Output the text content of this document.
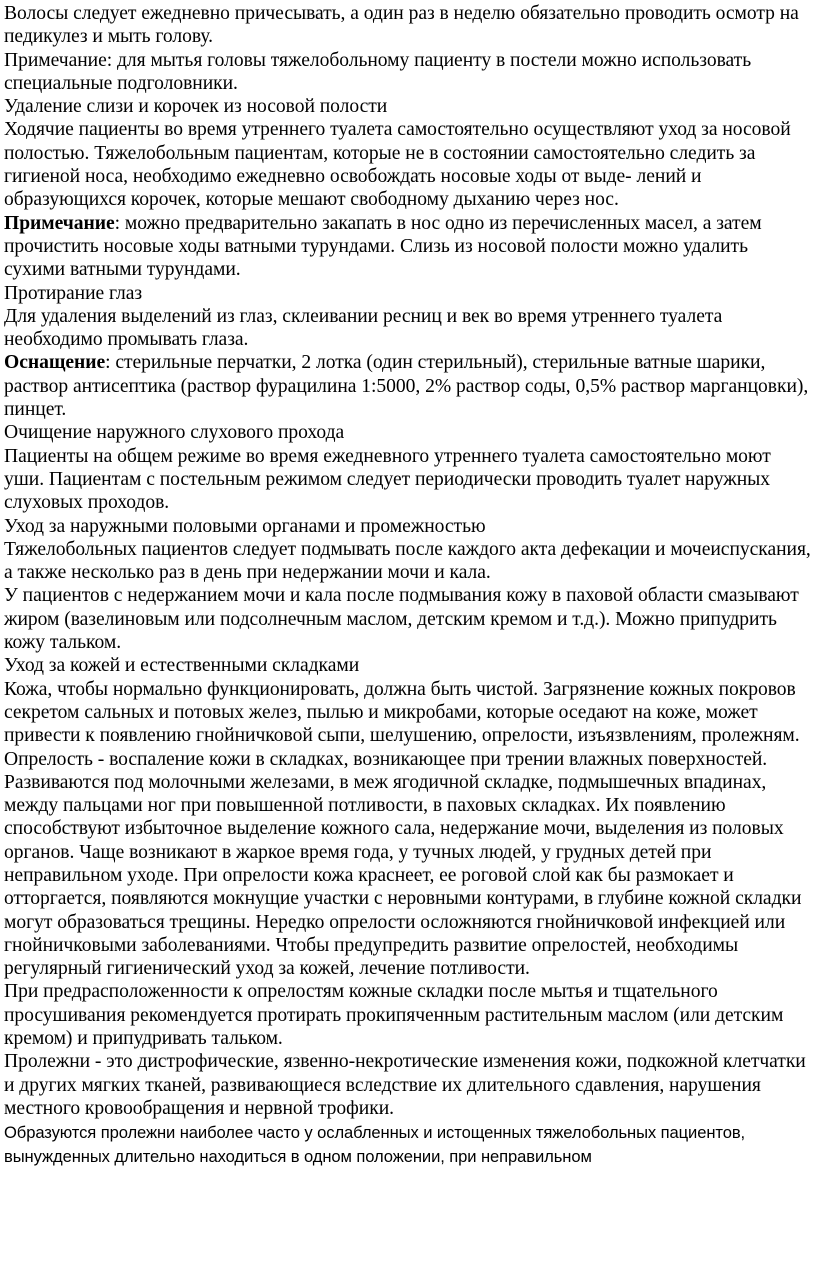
Волосы следует ежедневно причесывать, а один раз в неделю обязательно проводить осмотр на педикулез и мыть голову.

Примечание: для мытья головы тяжелобольному пациенту в постели можно использовать специальные подголовники.

Удаление слизи и корочек из носовой полости

Ходячие пациенты во время утреннего туалета самостоятельно осуществляют уход за носовой полостью. Тяжелобольным пациентам, которые не в состоянии самостоятельно следить за гигиеной носа, необходимо ежедневно освобождать носовые ходы от выде- лений и образующихся корочек, которые мешают свободному дыханию через нос.

Примечание: можно предварительно закапать в нос одно из перечисленных масел, а затем прочистить носовые ходы ватными турундами. Слизь из носовой полости можно удалить сухими ватными турундами.

Протирание глаз

Для удаления выделений из глаз, склеивании ресниц и век во время утреннего туалета необходимо промывать глаза.

Оснащение: стерильные перчатки, 2 лотка (один стерильный), стерильные ватные шарики, раствор антисептика (раствор фурацилина 1:5000, 2% раствор соды, 0,5% раствор марганцовки), пинцет.

Очищение наружного слухового прохода

Пациенты на общем режиме во время ежедневного утреннего туалета самостоятельно моют уши. Пациентам с постельным режимом следует периодически проводить туалет наружных слуховых проходов.

Уход за наружными половыми органами и промежностью

Тяжелобольных пациентов следует подмывать после каждого акта дефекации и мочеиспускания, а также несколько раз в день при недержании мочи и кала.

У пациентов с недержанием мочи и кала после подмывания кожу в паховой области смазывают жиром (вазелиновым или подсолнечным маслом, детским кремом и т.д.). Можно припудрить кожу тальком.

Уход за кожей и естественными складками

Кожа, чтобы нормально функционировать, должна быть чистой. Загрязнение кожных покровов секретом сальных и потовых желез, пылью и микробами, которые оседают на коже, может привести к появлению гнойничковой сыпи, шелушению, опрелости, изъязвлениям, пролежням.

Опрелость - воспаление кожи в складках, возникающее при трении влажных поверхностей. Развиваются под молочными железами, в меж ягодичной складке, подмышечных впадинах, между пальцами ног при повышенной потливости, в паховых складках. Их появлению способствуют избыточное выделение кожного сала, недержание мочи, выделения из половых органов. Чаще возникают в жаркое время года, у тучных людей, у грудных детей при неправильном уходе. При опрелости кожа краснеет, ее роговой слой как бы размокает и отторгается, появляются мокнущие участки с неровными контурами, в глубине кожной складки могут образоваться трещины. Нередко опрелости осложняются гнойничковой инфекцией или гнойничковыми заболеваниями. Чтобы предупредить развитие опрелостей, необходимы регулярный гигиенический уход за кожей, лечение потливости.

При предрасположенности к опрелостям кожные складки после мытья и тщательного просушивания рекомендуется протирать прокипяченным растительным маслом (или детским кремом) и припудривать тальком.

Пролежни - это дистрофические, язвенно-некротические изменения кожи, подкожной клетчатки и других мягких тканей, развивающиеся вследствие их длительного сдавления, нарушения местного кровообращения и нервной трофики.

Образуются пролежни наиболее часто у ослабленных и истощенных тяжелобольных пациентов, вынужденных длительно находиться в одном положении, при неправильном
